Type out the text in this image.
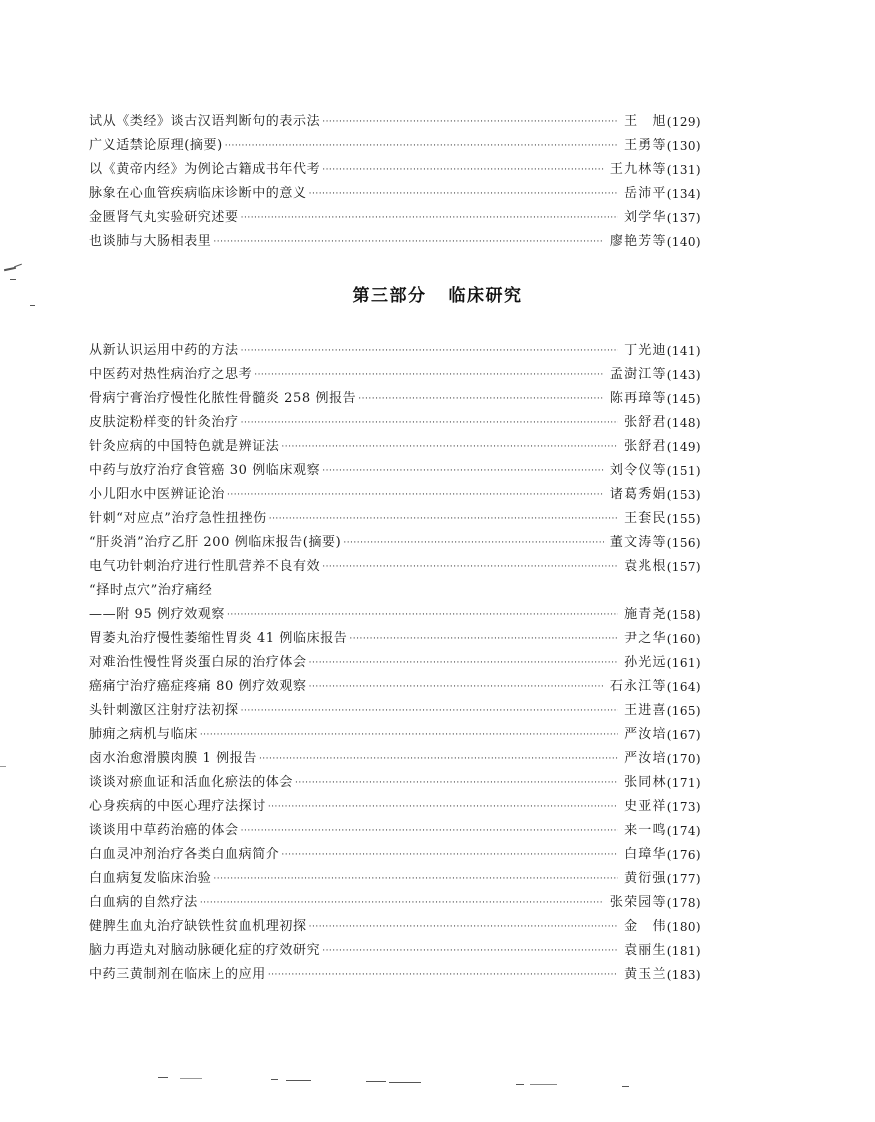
试从《类经》谈古汉语判断句的表示法 ·····	王　旭 (129)
广义适禁论原理(摘要) ·····	王勇等 (130)
以《黄帝内经》为例论古籍成书年代考 ·····	王九林等 (131)
脉象在心血管疾病临床诊断中的意义 ·····	岳沛平 (134)
金匮肾气丸实验研究述要 ·····	刘学华 (137)
也谈肺与大肠相表里 ·····	廖艳芳等 (140)
第三部分 临床研究
从新认识运用中药的方法 ·····	丁光迪 (141)
中医药对热性病治疗之思考 ·····	孟澍江等 (143)
骨病宁膏治疗慢性化脓性骨髓炎 258 例报告 ·····	陈再璋等 (145)
皮肤淀粉样变的针灸治疗 ·····	张舒君 (148)
针灸应病的中国特色就是辨证法 ·····	张舒君 (149)
中药与放疗治疗食管癌 30 例临床观察 ·····	刘令仪等 (151)
小儿阳水中医辨证论治 ·····	诸葛秀娟 (153)
针刺“对应点”治疗急性扭挫伤 ·····	王套民 (155)
“肝炎消”治疗乙肝 200 例临床报告(摘要) ·····	董文涛等 (156)
电气功针刺治疗进行性肌营养不良有效 ·····	袁兆根 (157)
“择时点穴”治疗痛经
——附 95 例疗效观察 ·····	施青尧 (158)
胃萎丸治疗慢性萎缩性胃炎 41 例临床报告 ·····	尹之华 (160)
对难治性慢性肾炎蛋白尿的治疗体会 ·····	孙光远 (161)
癌痛宁治疗癌症疼痛 80 例疗效观察 ·····	石永江等 (164)
头针刺激区注射疗法初探 ·····	王进喜 (165)
肺痈之病机与临床 ·····	严汝培 (167)
卤水治愈滑膜肉膜 1 例报告 ·····	严汝培 (170)
谈谈对瘀血证和活血化瘀法的体会 ·····	张同林 (171)
心身疾病的中医心理疗法探讨 ·····	史亚祥 (173)
谈谈用中草药治癌的体会 ·····	来一鸣 (174)
白血灵冲剂治疗各类白血病简介 ·····	白璋华 (176)
白血病复发临床治验 ·····	黄衍强 (177)
白血病的自然疗法 ·····	张荣园等 (178)
健脾生血丸治疗缺铁性贫血机理初探 ·····	金　伟 (180)
脑力再造丸对脑动脉硬化症的疗效研究 ·····	袁丽生 (181)
中药三黄制剂在临床上的应用 ·····	黄玉兰 (183)
